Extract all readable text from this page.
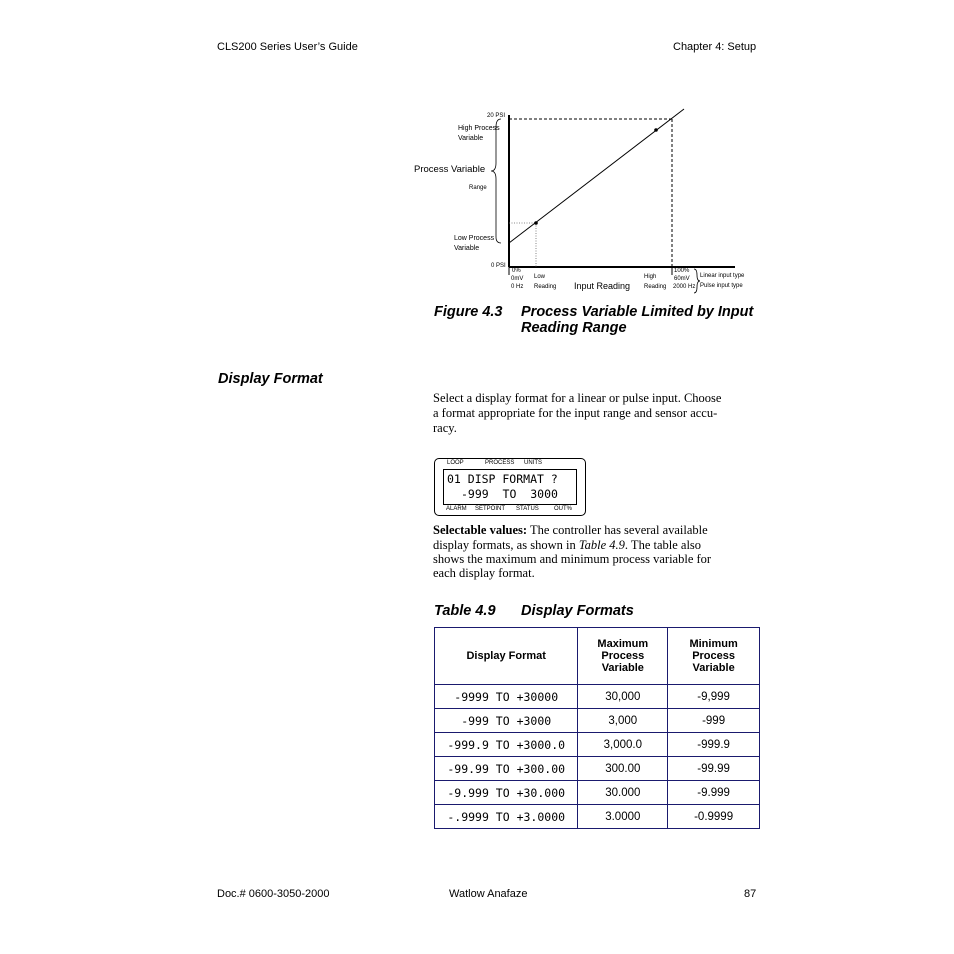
CLS200 Series User’s Guide	Chapter 4: Setup
20 PSI
High Process
Variable
Process Variable
Range
Low Process
Variable
0 PSI
0%
0mV
0 Hz
Low
Reading Input Reading
High
Reading
100%
60mV
2000 Hz
Linear input type
Pulse input type
Figure 4.3 Process Variable Limited by Input
Reading Range
Display Format
Select a display format for a linear or pulse input. Choose
a format appropriate for the input range and sensor accu-
racy.
LOOP	PROCESS UNITS
01 DISP FORMAT ?
-999  TO  3000
ALARM SETPOINT STATUS	OUT%
Selectable values: The controller has several available
display formats, as shown in Table 4.9. The table also
shows the maximum and minimum process variable for
each display format.
Table 4.9 Display Formats
Display Format	Maximum Process Variable	Minimum Process Variable
-9999 TO +30000	30,000	-9,999
-999 TO +3000	3,000	-999
-999.9 TO +3000.0	3,000.0	-999.9
-99.99 TO +300.00	300.00	-99.99
-9.999 TO +30.000	30.000	-9.999
-.9999 TO +3.0000	3.0000	-0.9999
Doc.# 0600-3050-2000	Watlow Anafaze	87
